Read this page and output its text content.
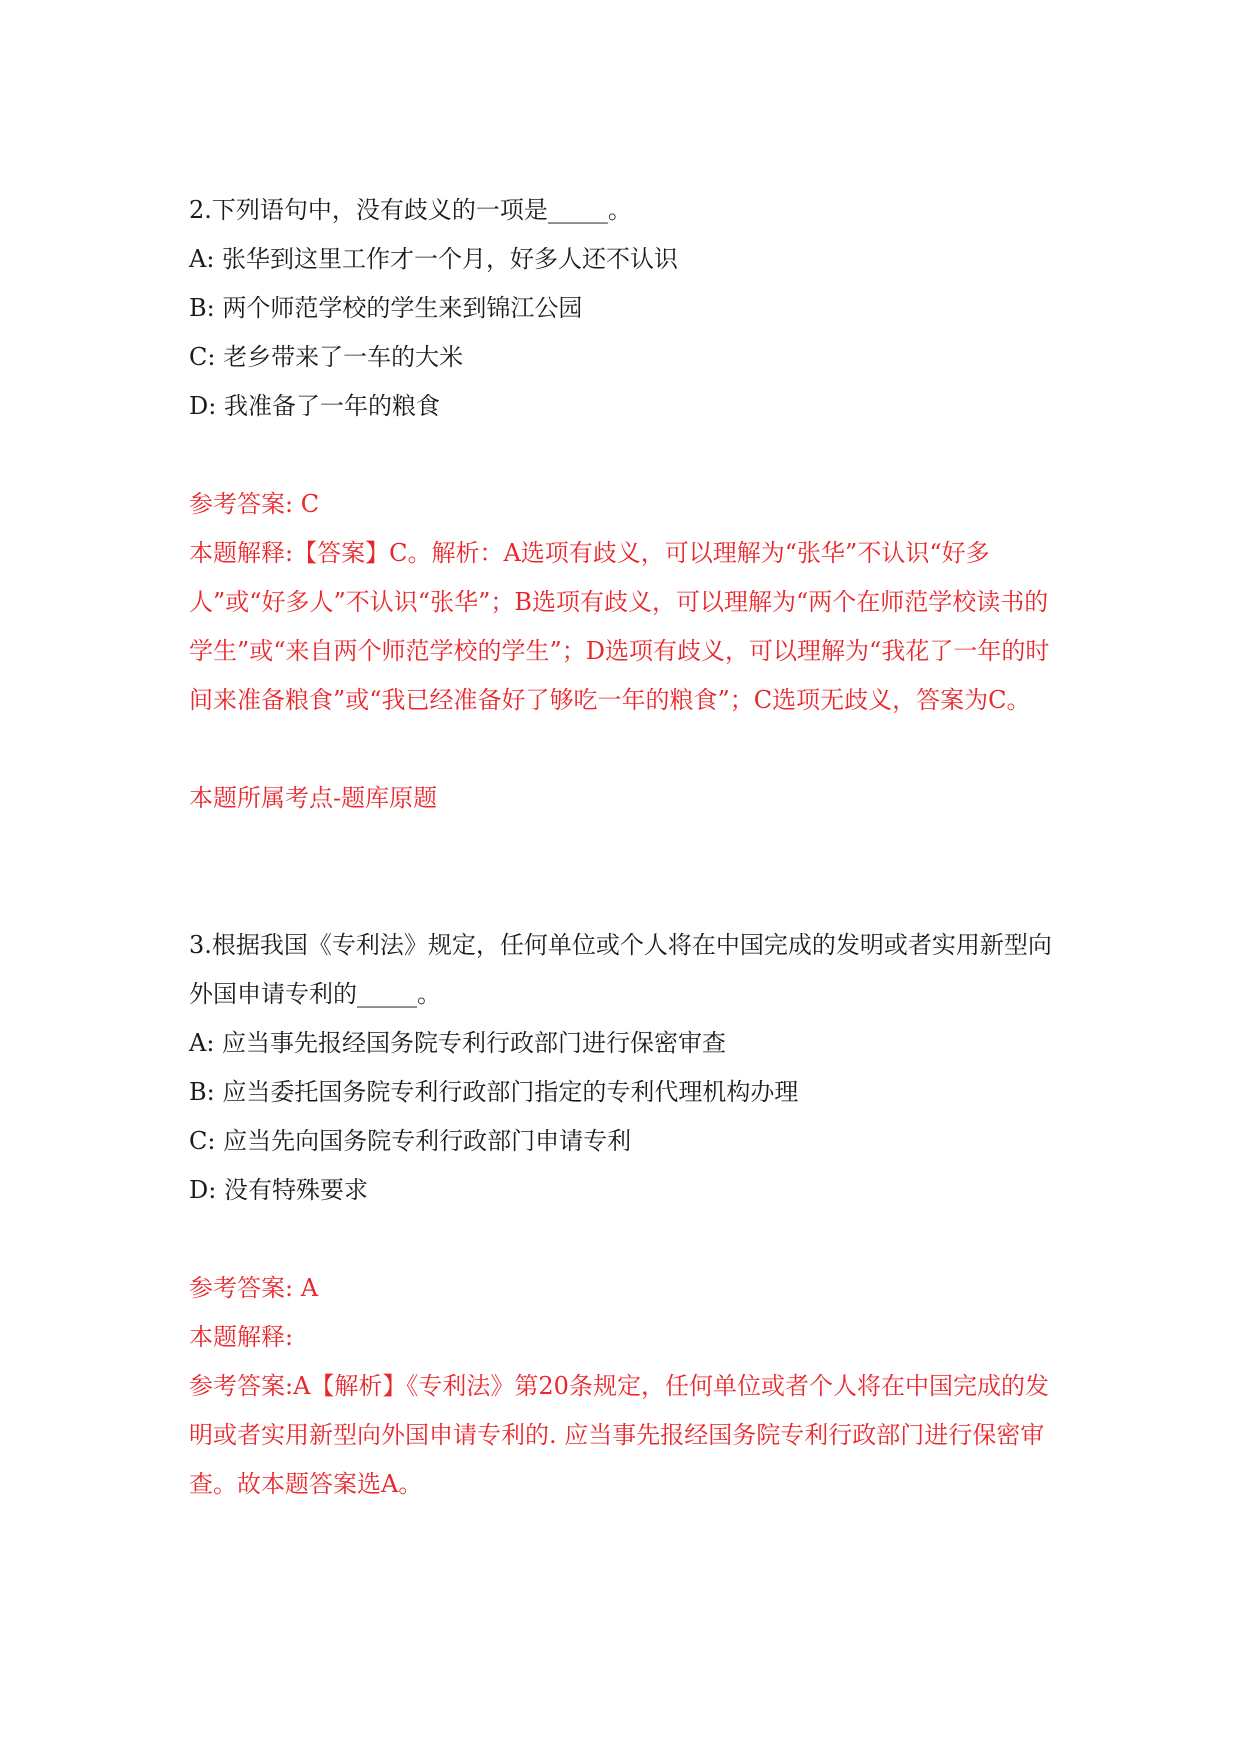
2.下列语句中，没有歧义的一项是_____。

A: 张华到这里工作才一个月，好多人还不认识

B: 两个师范学校的学生来到锦江公园

C: 老乡带来了一车的大米

D: 我准备了一年的粮食

参考答案: C

本题解释:【答案】C。解析：A选项有歧义，可以理解为“张华”不认识“好多人”或“好多人”不认识“张华”；B选项有歧义，可以理解为“两个在师范学校读书的学生”或“来自两个师范学校的学生”；D选项有歧义，可以理解为“我花了一年的时间来准备粮食”或“我已经准备好了够吃一年的粮食”；C选项无歧义，答案为C。

本题所属考点-题库原题

3.根据我国《专利法》规定，任何单位或个人将在中国完成的发明或者实用新型向外国申请专利的_____。

A: 应当事先报经国务院专利行政部门进行保密审查

B: 应当委托国务院专利行政部门指定的专利代理机构办理

C: 应当先向国务院专利行政部门申请专利

D: 没有特殊要求

参考答案: A

本题解释:

参考答案:A【解析】《专利法》第20条规定，任何单位或者个人将在中国完成的发明或者实用新型向外国申请专利的. 应当事先报经国务院专利行政部门进行保密审查。故本题答案选A。
